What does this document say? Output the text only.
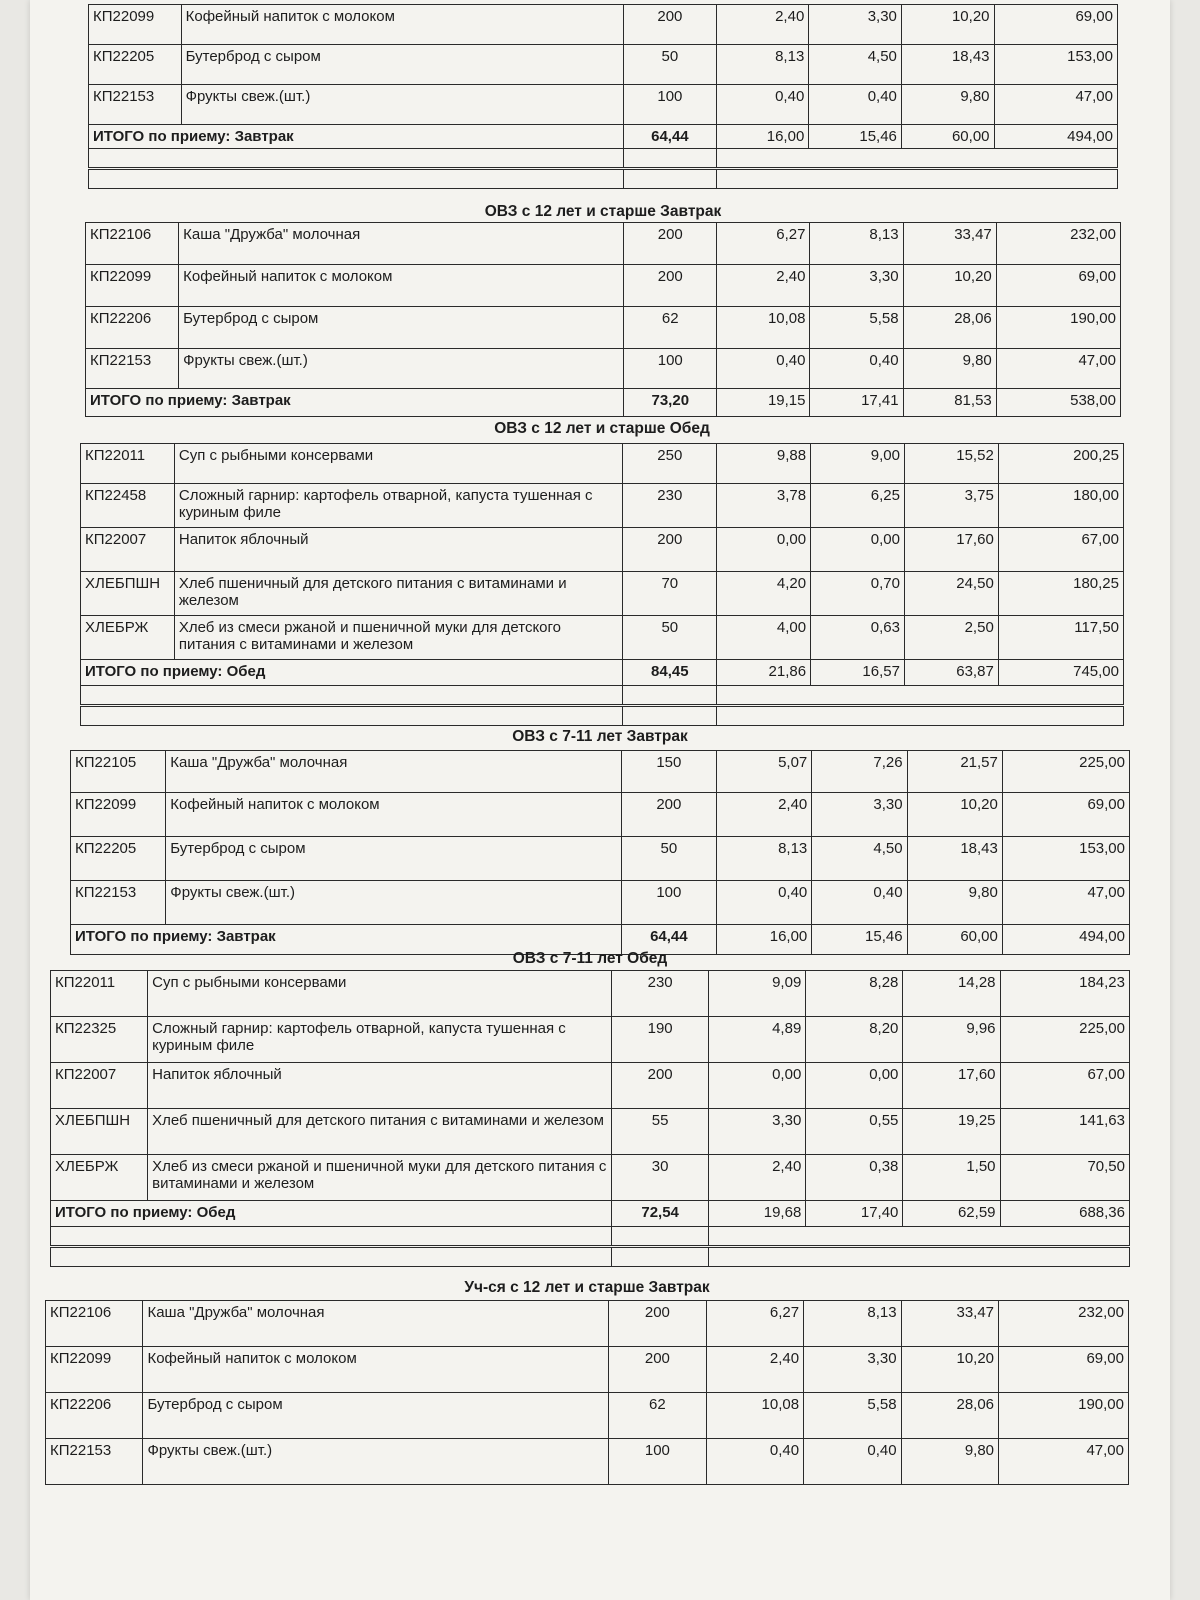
КП22099	Кофейный напиток с молоком	200	2,40	3,30	10,20	69,00
КП22205	Бутерброд с сыром	50	8,13	4,50	18,43	153,00
КП22153	Фрукты свеж.(шт.)	100	0,40	0,40	9,80	47,00
ИТОГО по приему: Завтрак		64,44	16,00	15,46	60,00	494,00

ОВЗ с 12 лет и старше Завтрак
КП22106	Каша "Дружба" молочная	200	6,27	8,13	33,47	232,00
КП22099	Кофейный напиток с молоком	200	2,40	3,30	10,20	69,00
КП22206	Бутерброд с сыром	62	10,08	5,58	28,06	190,00
КП22153	Фрукты свеж.(шт.)	100	0,40	0,40	9,80	47,00
ИТОГО по приему: Завтрак		73,20	19,15	17,41	81,53	538,00
ОВЗ с 12 лет и старше Обед
КП22011	Суп с рыбными консервами	250	9,88	9,00	15,52	200,25
КП22458	Сложный гарнир: картофель отварной, капуста тушенная с куриным филе	230	3,78	6,25	3,75	180,00
КП22007	Напиток яблочный	200	0,00	0,00	17,60	67,00
ХЛЕБПШН	Хлеб пшеничный для детского питания с витаминами и железом	70	4,20	0,70	24,50	180,25
ХЛЕБРЖ	Хлеб из смеси ржаной и пшеничной муки для детского питания с витаминами и железом	50	4,00	0,63	2,50	117,50
ИТОГО по приему: Обед		84,45	21,86	16,57	63,87	745,00

ОВЗ с 7-11 лет Завтрак
КП22105	Каша "Дружба" молочная	150	5,07	7,26	21,57	225,00
КП22099	Кофейный напиток с молоком	200	2,40	3,30	10,20	69,00
КП22205	Бутерброд с сыром	50	8,13	4,50	18,43	153,00
КП22153	Фрукты свеж.(шт.)	100	0,40	0,40	9,80	47,00
ИТОГО по приему: Завтрак		64,44	16,00	15,46	60,00	494,00
ОВЗ с 7-11 лет Обед
КП22011	Суп с рыбными консервами	230	9,09	8,28	14,28	184,23
КП22325	Сложный гарнир: картофель отварной, капуста тушенная с куриным филе	190	4,89	8,20	9,96	225,00
КП22007	Напиток яблочный	200	0,00	0,00	17,60	67,00
ХЛЕБПШН	Хлеб пшеничный для детского питания с витаминами и железом	55	3,30	0,55	19,25	141,63
ХЛЕБРЖ	Хлеб из смеси ржаной и пшеничной муки для детского питания с витаминами и железом	30	2,40	0,38	1,50	70,50
ИТОГО по приему: Обед		72,54	19,68	17,40	62,59	688,36

Уч-ся с 12 лет и старше Завтрак
КП22106	Каша "Дружба" молочная	200	6,27	8,13	33,47	232,00
КП22099	Кофейный напиток с молоком	200	2,40	3,30	10,20	69,00
КП22206	Бутерброд с сыром	62	10,08	5,58	28,06	190,00
КП22153	Фрукты свеж.(шт.)	100	0,40	0,40	9,80	47,00
